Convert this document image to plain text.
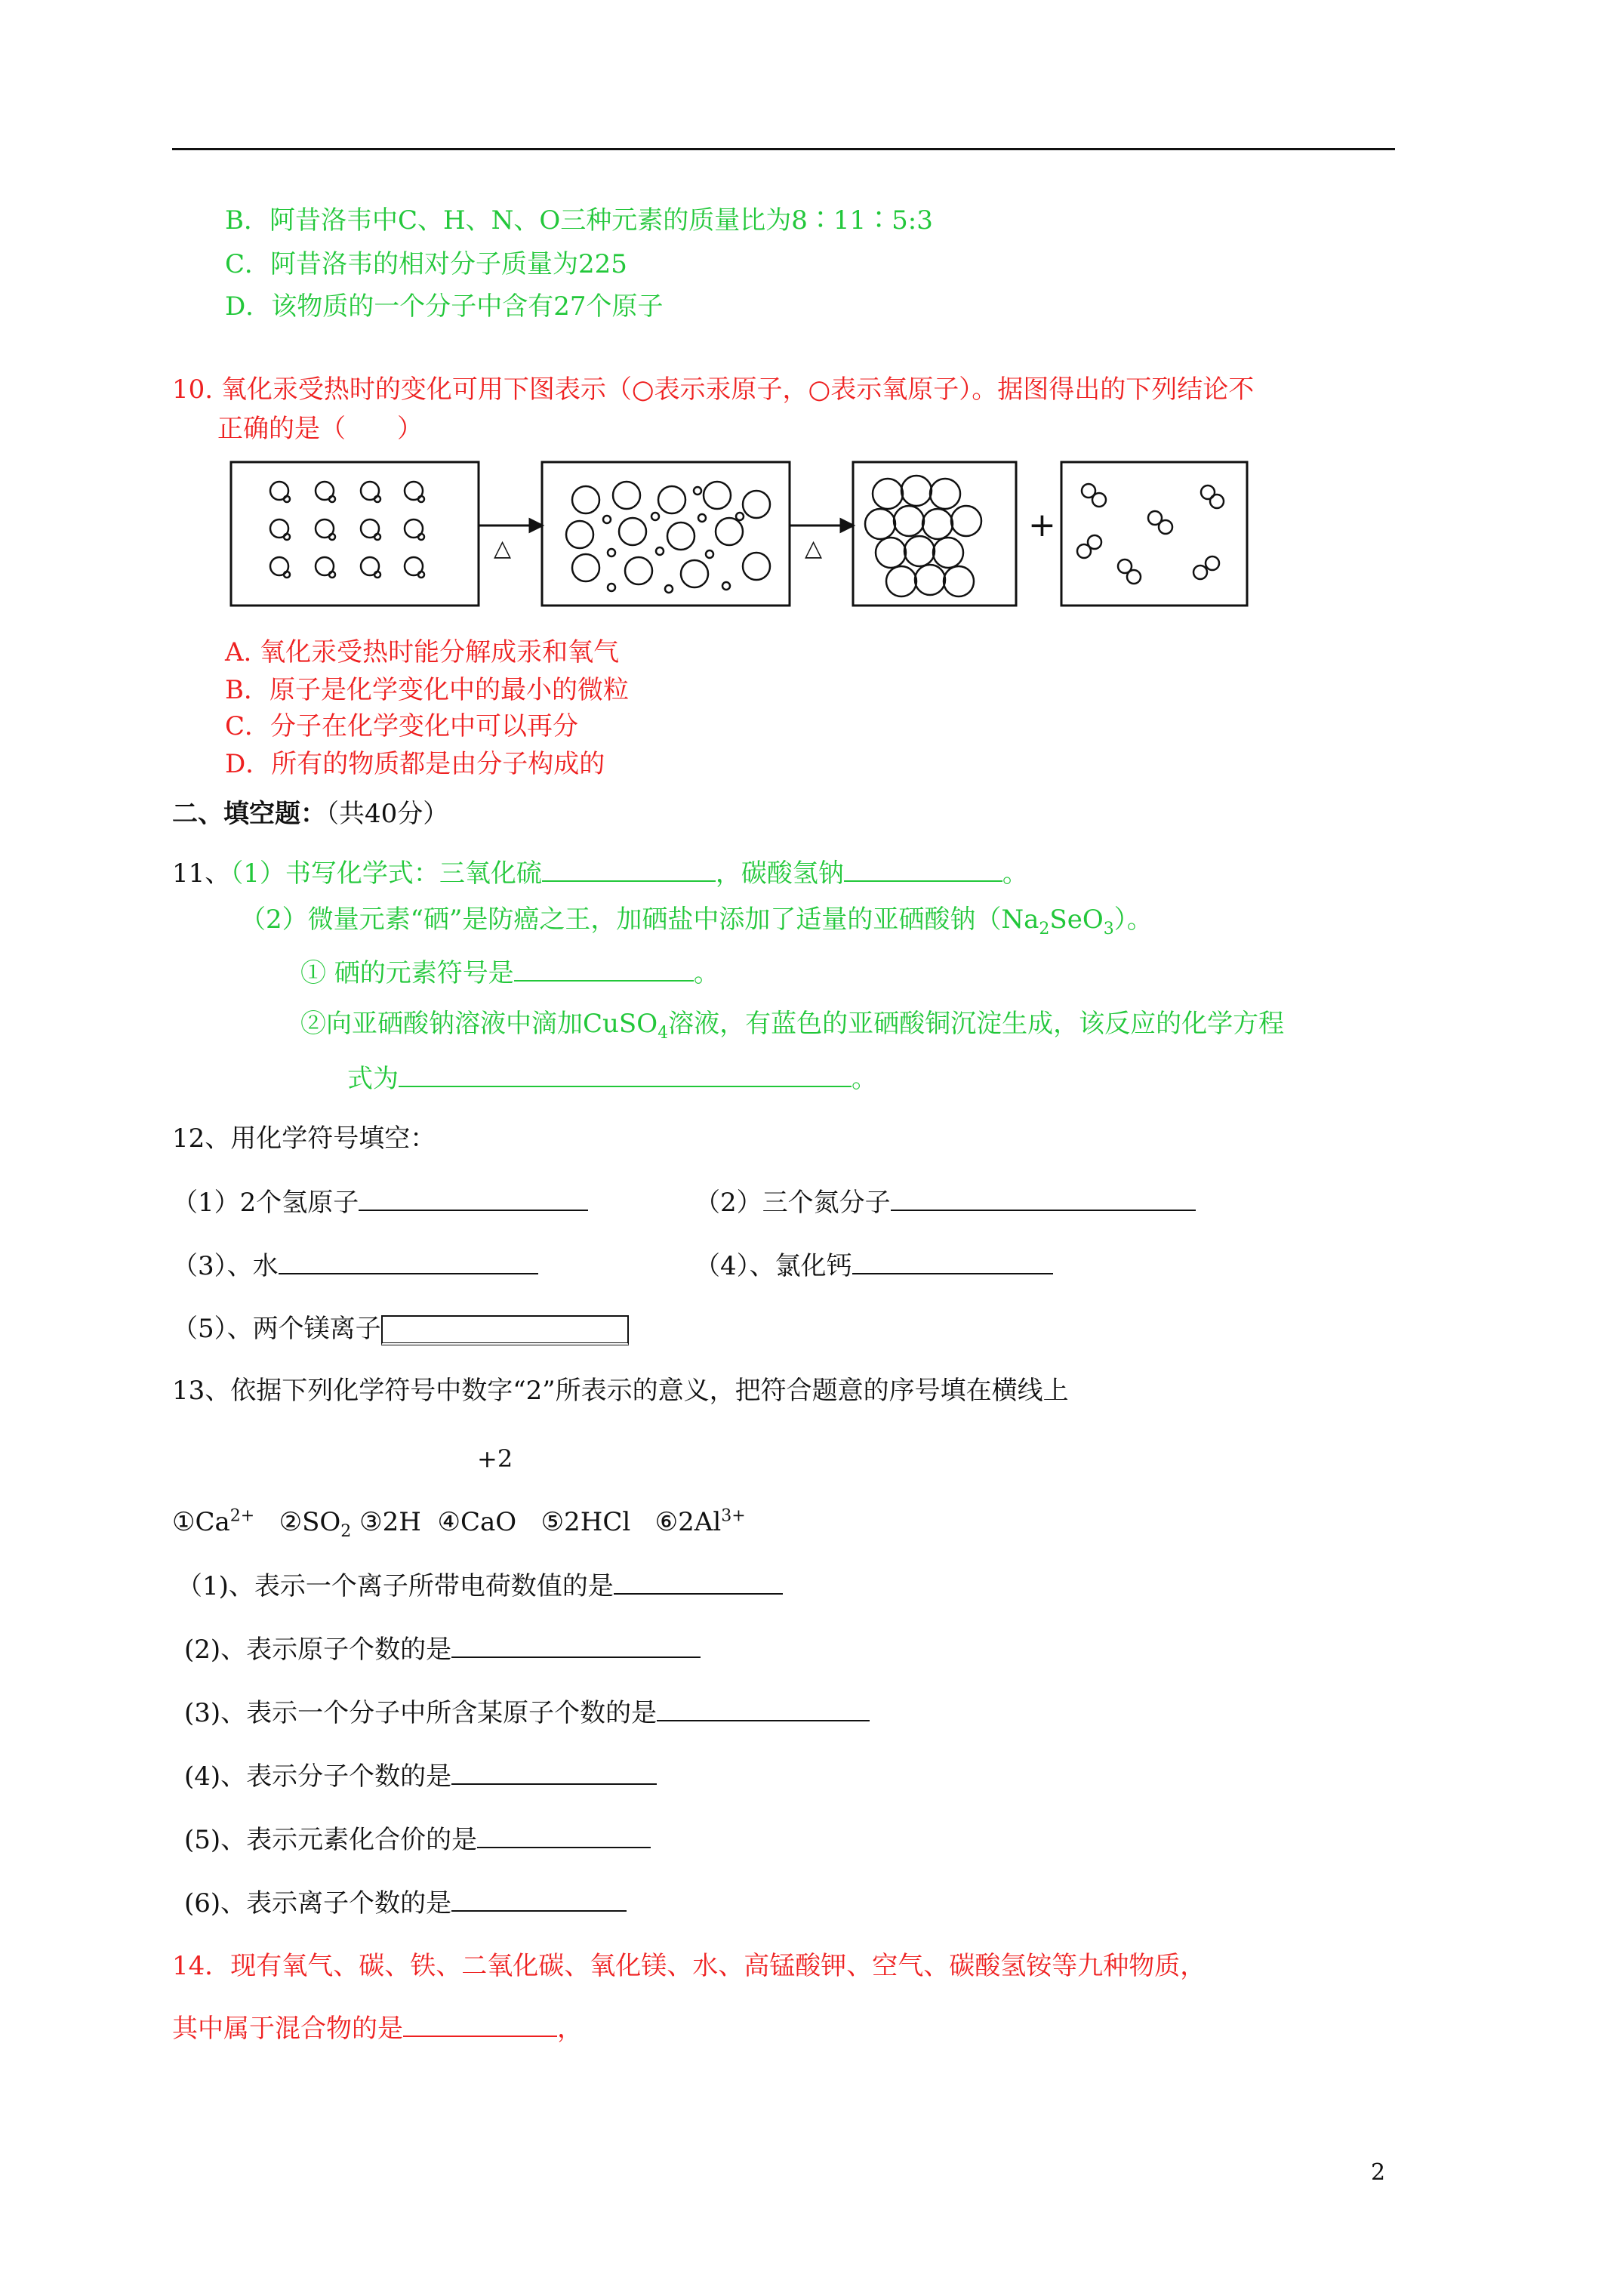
B．阿昔洛韦中C、H、N、O三种元素的质量比为8∶11∶5:3
C．阿昔洛韦的相对分子质量为225
D．该物质的一个分子中含有27个原子
10. 氧化汞受热时的变化可用下图表示（○表示汞原子，○表示氧原子）。据图得出的下列结论不
正确的是（　　）
△	△
+
A. 氧化汞受热时能分解成汞和氧气
B．原子是化学变化中的最小的微粒
C．分子在化学变化中可以再分
D．所有的物质都是由分子构成的
二、填空题：（共40分）
11、（1）书写化学式：三氧化硫	，碳酸氢钠	。
（2）微量元素“硒”是防癌之王，加硒盐中添加了适量的亚硒酸钠$(Na_2SeO_3)$。
① 硒的元素符号是	。
②向亚硒酸钠溶液中滴加CuSO$_4$溶液，有蓝色的亚硒酸铜沉淀生成，该反应的化学方程
式为	。
12、用化学符号填空：
（1）2个氢原子	（2）三个氮分子
（3）、水	（4）、氯化钙
（5）、两个镁离子
13、依据下列化学符号中数字“2”所表示的意义，把符合题意的序号填在横线上
+2
$①Ca^{2+}$ $②SO_2$ ③2H ④CaO ⑤2HCl $⑥2Al^{3+}$
（1)、表示一个离子所带电荷数值的是
(2)、表示原子个数的是
(3)、表示一个分子中所含某原子个数的是
(4)、表示分子个数的是
(5)、表示元素化合价的是
(6)、表示离子个数的是
14．现有氧气、碳、铁、二氧化碳、氧化镁、水、高锰酸钾、空气、碳酸氢铵等九种物质，
其中属于混合物的是	，
2
